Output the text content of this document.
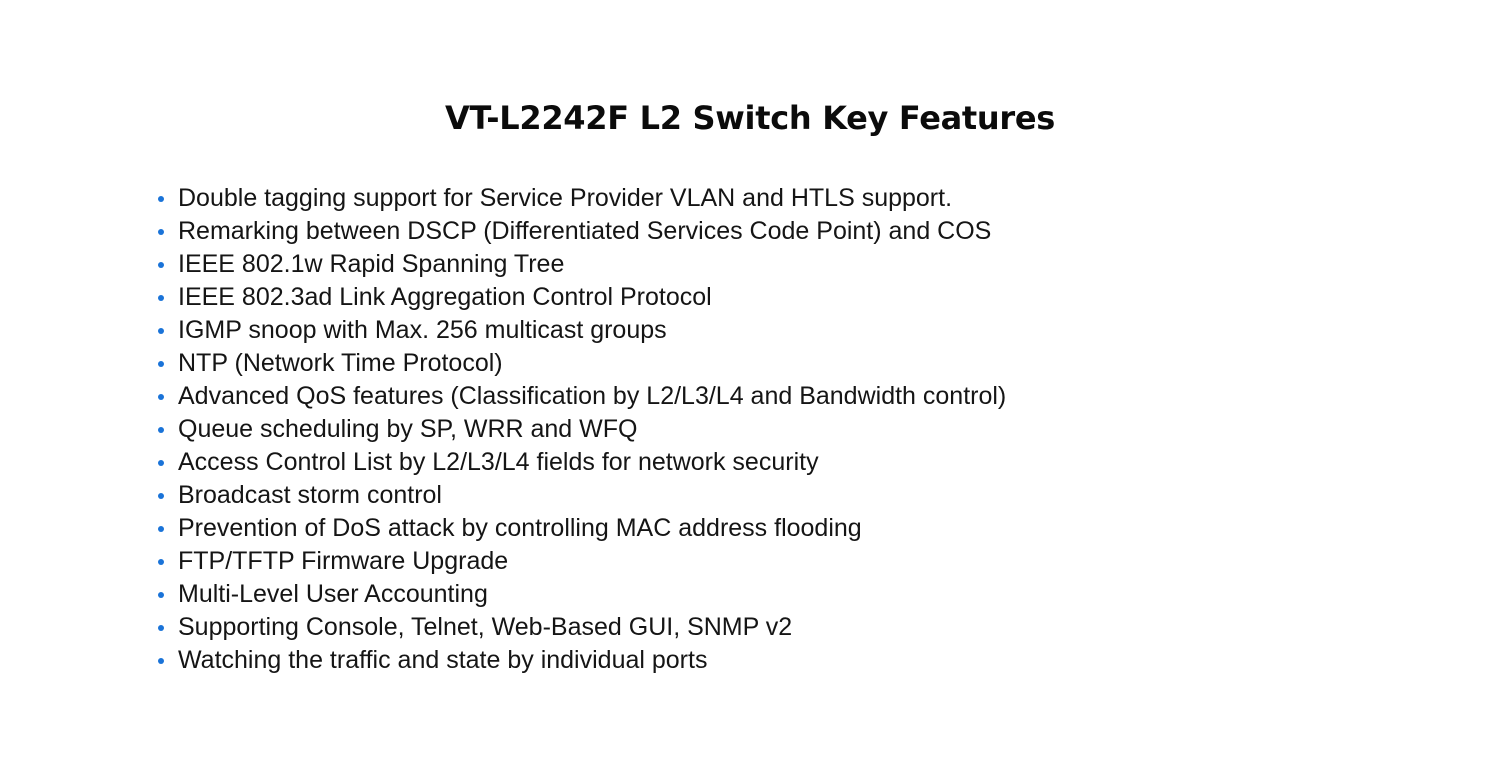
VT-L2242F L2 Switch Key Features
Double tagging support for Service Provider VLAN and HTLS support.
Remarking between DSCP (Differentiated Services Code Point) and COS
IEEE 802.1w Rapid Spanning Tree
IEEE 802.3ad Link Aggregation Control Protocol
IGMP snoop with Max. 256 multicast groups
NTP (Network Time Protocol)
Advanced QoS features (Classification by L2/L3/L4 and Bandwidth control)
Queue scheduling by SP, WRR and WFQ
Access Control List by L2/L3/L4 fields for network security
Broadcast storm control
Prevention of DoS attack by controlling MAC address flooding
FTP/TFTP Firmware Upgrade
Multi-Level User Accounting
Supporting Console, Telnet, Web-Based GUI, SNMP v2
Watching the traffic and state by individual ports
